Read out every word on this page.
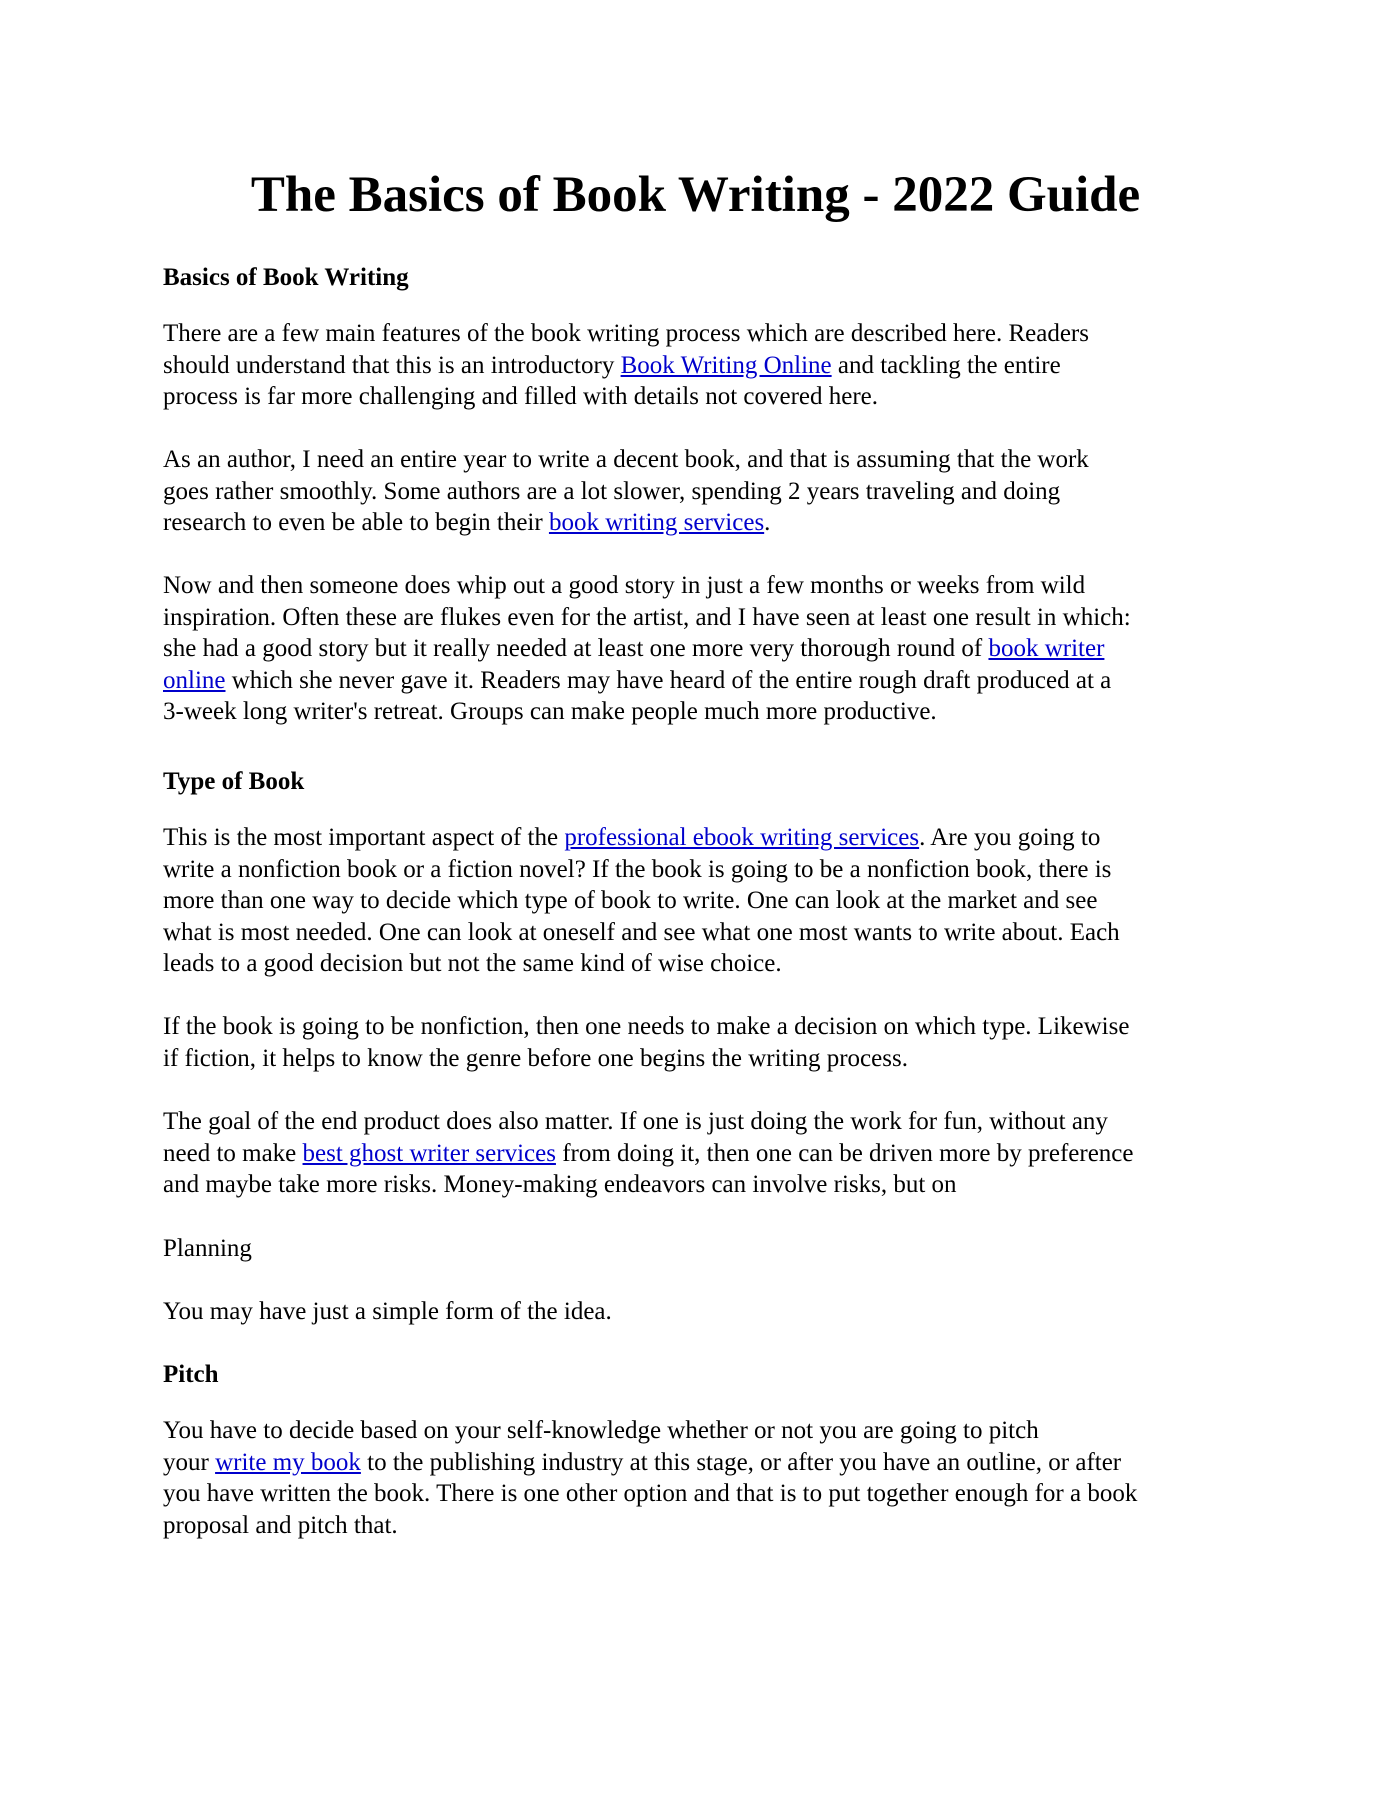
The Basics of Book Writing - 2022 Guide

Basics of Book Writing

There are a few main features of the book writing process which are described here. Readers
should understand that this is an introductory Book Writing Online and tackling the entire
process is far more challenging and filled with details not covered here.
As an author, I need an entire year to write a decent book, and that is assuming that the work
goes rather smoothly. Some authors are a lot slower, spending 2 years traveling and doing
research to even be able to begin their book writing services.
Now and then someone does whip out a good story in just a few months or weeks from wild
inspiration. Often these are flukes even for the artist, and I have seen at least one result in which:
she had a good story but it really needed at least one more very thorough round of book writer
online which she never gave it. Readers may have heard of the entire rough draft produced at a
3-week long writer's retreat. Groups can make people much more productive.

Type of Book

This is the most important aspect of the professional ebook writing services. Are you going to
write a nonfiction book or a fiction novel? If the book is going to be a nonfiction book, there is
more than one way to decide which type of book to write. One can look at the market and see
what is most needed. One can look at oneself and see what one most wants to write about. Each
leads to a good decision but not the same kind of wise choice.
If the book is going to be nonfiction, then one needs to make a decision on which type. Likewise
if fiction, it helps to know the genre before one begins the writing process.
The goal of the end product does also matter. If one is just doing the work for fun, without any
need to make best ghost writer services from doing it, then one can be driven more by preference
and maybe take more risks. Money-making endeavors can involve risks, but on

Planning

You may have just a simple form of the idea.

Pitch

You have to decide based on your self-knowledge whether or not you are going to pitch
your write my book to the publishing industry at this stage, or after you have an outline, or after
you have written the book. There is one other option and that is to put together enough for a book
proposal and pitch that.
